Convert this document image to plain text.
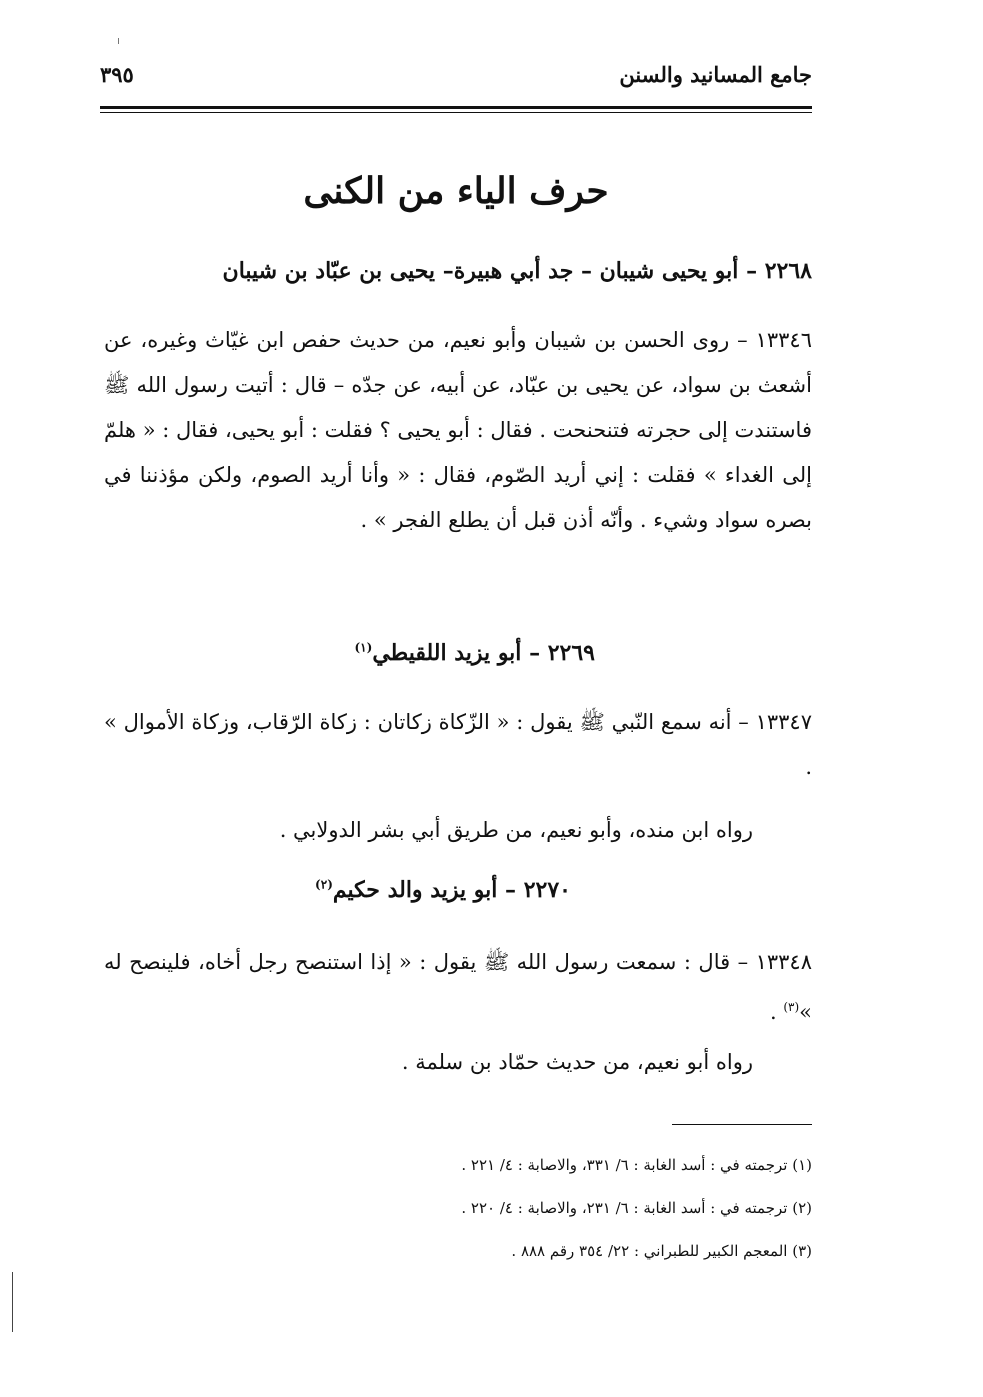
جامع المسانيد والسنن
٣٩٥
حرف الياء من الكنى
٢٢٦٨ – أبو يحيى شيبان – جد أبي هبيرة– يحيى بن عبّاد بن شيبان
١٣٣٤٦ – روى الحسن بن شيبان وأبو نعيم، من حديث حفص ابن غيّاث وغيره، عن أشعث بن سواد، عن يحيى بن عبّاد، عن أبيه، عن جدّه – قال : أتيت رسول الله ﷺ فاستندت إلى حجرته فتنحنحت . فقال : أبو يحيى ؟ فقلت : أبو يحيى، فقال : « هلمّ إلى الغداء » فقلت : إني أريد الصّوم، فقال : « وأنا أريد الصوم، ولكن مؤذننا في بصره سواد وشيء . وأنّه أذن قبل أن يطلع الفجر » .
٢٢٦٩ – أبو يزيد اللقيطي$^{(١)}$
١٣٣٤٧ – أنه سمع النّبي ﷺ يقول : « الزّكاة زكاتان : زكاة الرّقاب، وزكاة الأموال » .
رواه ابن منده، وأبو نعيم، من طريق أبي بشر الدولابي .
٢٢٧٠ – أبو يزيد والد حكيم$^{(٢)}$
١٣٣٤٨ – قال : سمعت رسول الله ﷺ يقول : « إذا استنصح رجل أخاه، فلينصح له »$^{(٣)}$ .
رواه أبو نعيم، من حديث حمّاد بن سلمة .
(١) ترجمته في : أسد الغابة : ٦/ ٣٣١، والاصابة : ٤/ ٢٢١ .
(٢) ترجمته في : أسد الغابة : ٦/ ٢٣١، والاصابة : ٤/ ٢٢٠ .
(٣) المعجم الكبير للطبراني : ٢٢/ ٣٥٤ رقم ٨٨٨ .
